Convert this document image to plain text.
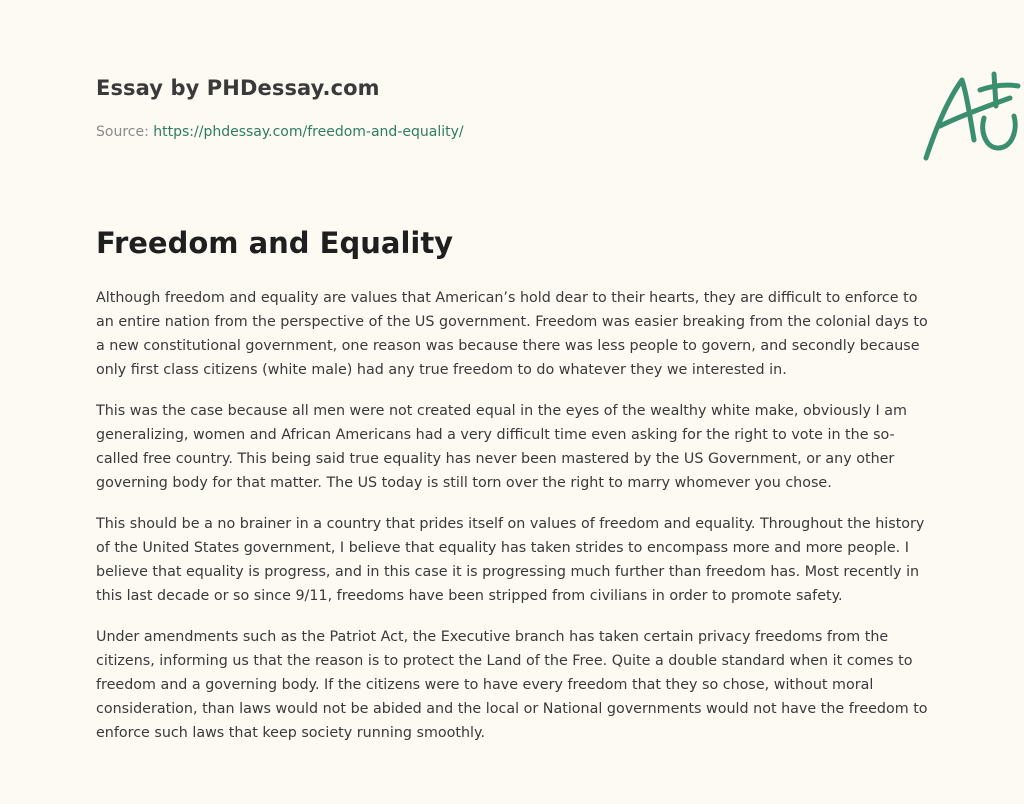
Essay by PHDessay.com

Source: https://phdessay.com/freedom-and-equality/

Freedom and Equality

Although freedom and equality are values that American’s hold dear to their hearts, they are difficult to enforce to an entire nation from the perspective of the US government. Freedom was easier breaking from the colonial days to a new constitutional government, one reason was because there was less people to govern, and secondly because only first class citizens (white male) had any true freedom to do whatever they we interested in.

This was the case because all men were not created equal in the eyes of the wealthy white make, obviously I am generalizing, women and African Americans had a very difficult time even asking for the right to vote in the so-called free country. This being said true equality has never been mastered by the US Government, or any other governing body for that matter. The US today is still torn over the right to marry whomever you chose.

This should be a no brainer in a country that prides itself on values of freedom and equality. Throughout the history of the United States government, I believe that equality has taken strides to encompass more and more people. I believe that equality is progress, and in this case it is progressing much further than freedom has. Most recently in this last decade or so since 9/11, freedoms have been stripped from civilians in order to promote safety.

Under amendments such as the Patriot Act, the Executive branch has taken certain privacy freedoms from the citizens, informing us that the reason is to protect the Land of the Free. Quite a double standard when it comes to freedom and a governing body. If the citizens were to have every freedom that they so chose, without moral consideration, than laws would not be abided and the local or National governments would not have the freedom to enforce such laws that keep society running smoothly.
